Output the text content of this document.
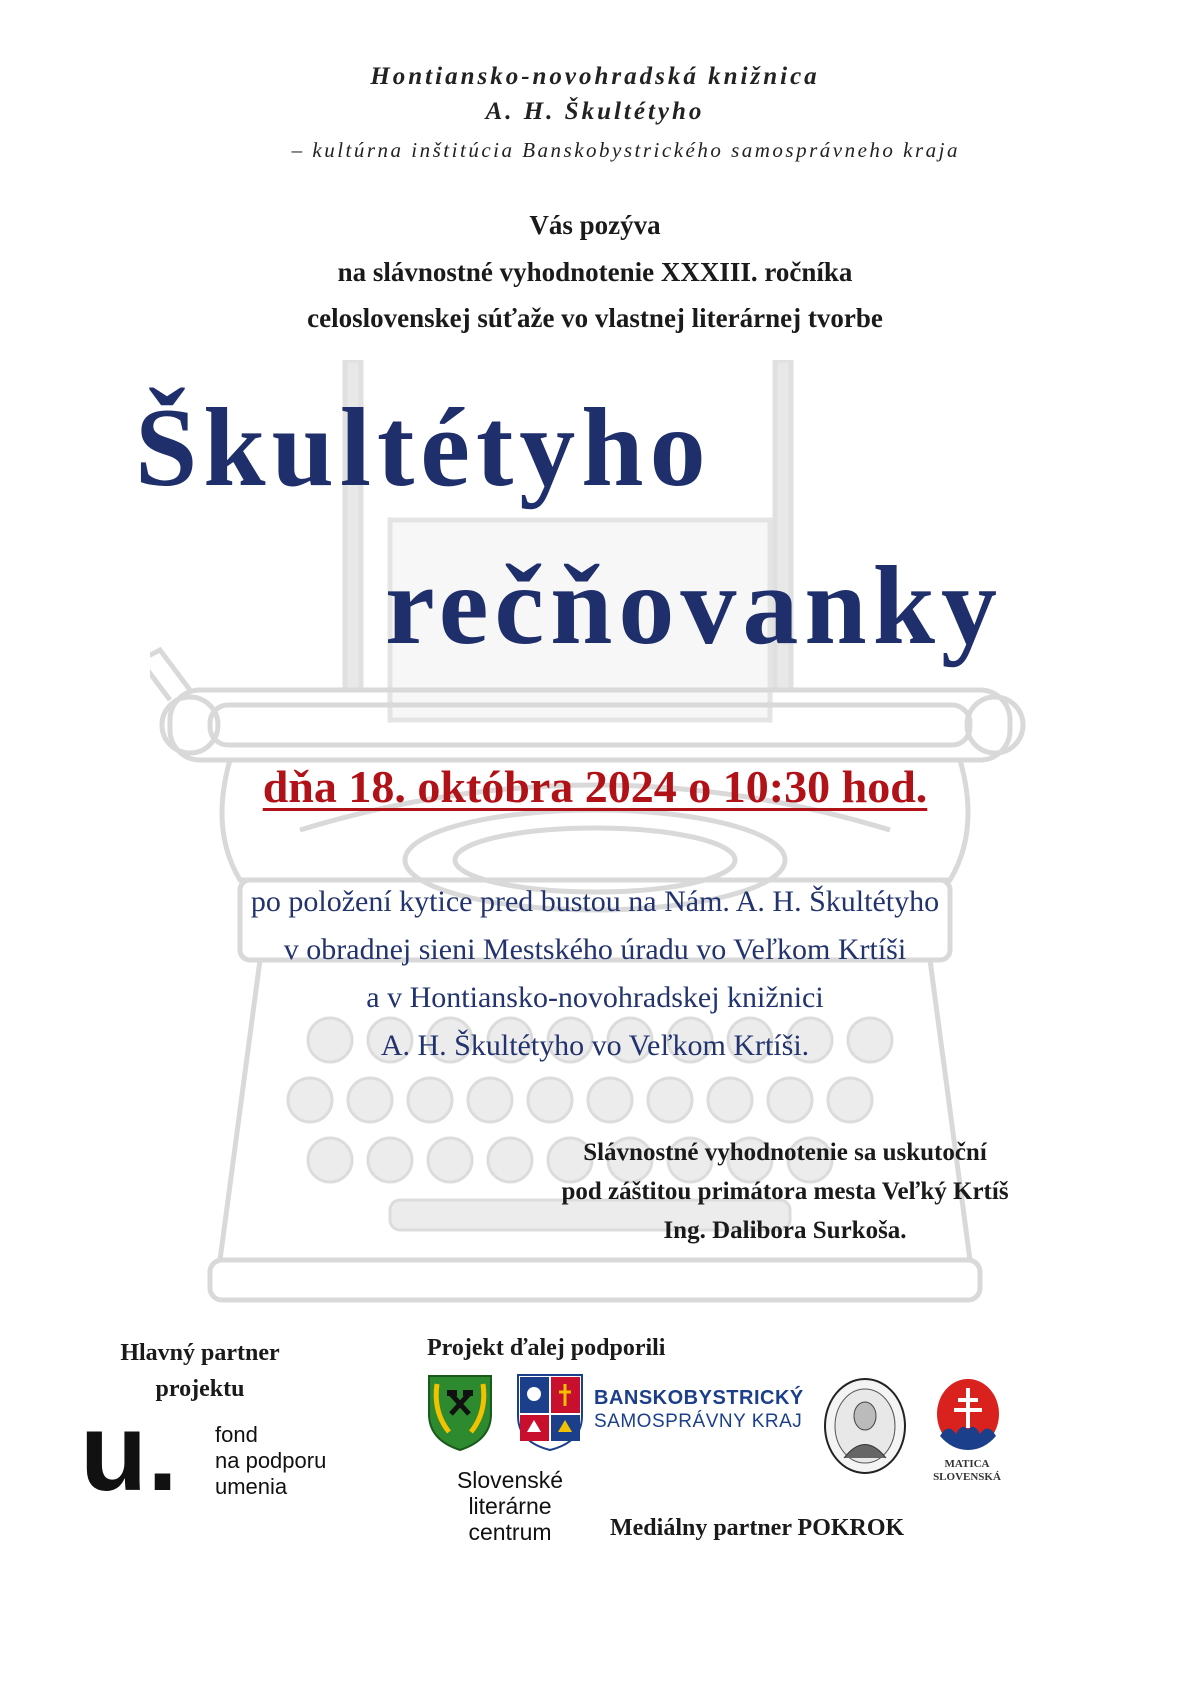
Hontiansko-novohradská knižnica
A. H. Škultétyho
– kultúrna inštitúcia Banskobystrického samosprávneho kraja
Vás pozýva
na slávnostné vyhodnotenie XXXIII. ročníka
celoslovenskej súťaže vo vlastnej literárnej tvorbe
Škultétyho
rečňovanky
dňa 18. októbra 2024 o 10:30 hod.
po položení kytice pred bustou na Nám. A. H. Škultétyho
v obradnej sieni Mestského úradu vo Veľkom Krtíši
a v Hontiansko-novohradskej knižnici
A. H. Škultétyho vo Veľkom Krtíši.
Slávnostné vyhodnotenie sa uskutoční
pod záštitou primátora mesta Veľký Krtíš
Ing. Dalibora Surkoša.
Hlavný partner
projektu
u. fond
na podporu
umenia
Projekt ďalej podporili
BANSKOBYSTRICKÝ
SAMOSPRÁVNY KRAJ
MATICA
SLOVENSKÁ
Slovenské
literárne
centrum	Mediálny partner POKROK
